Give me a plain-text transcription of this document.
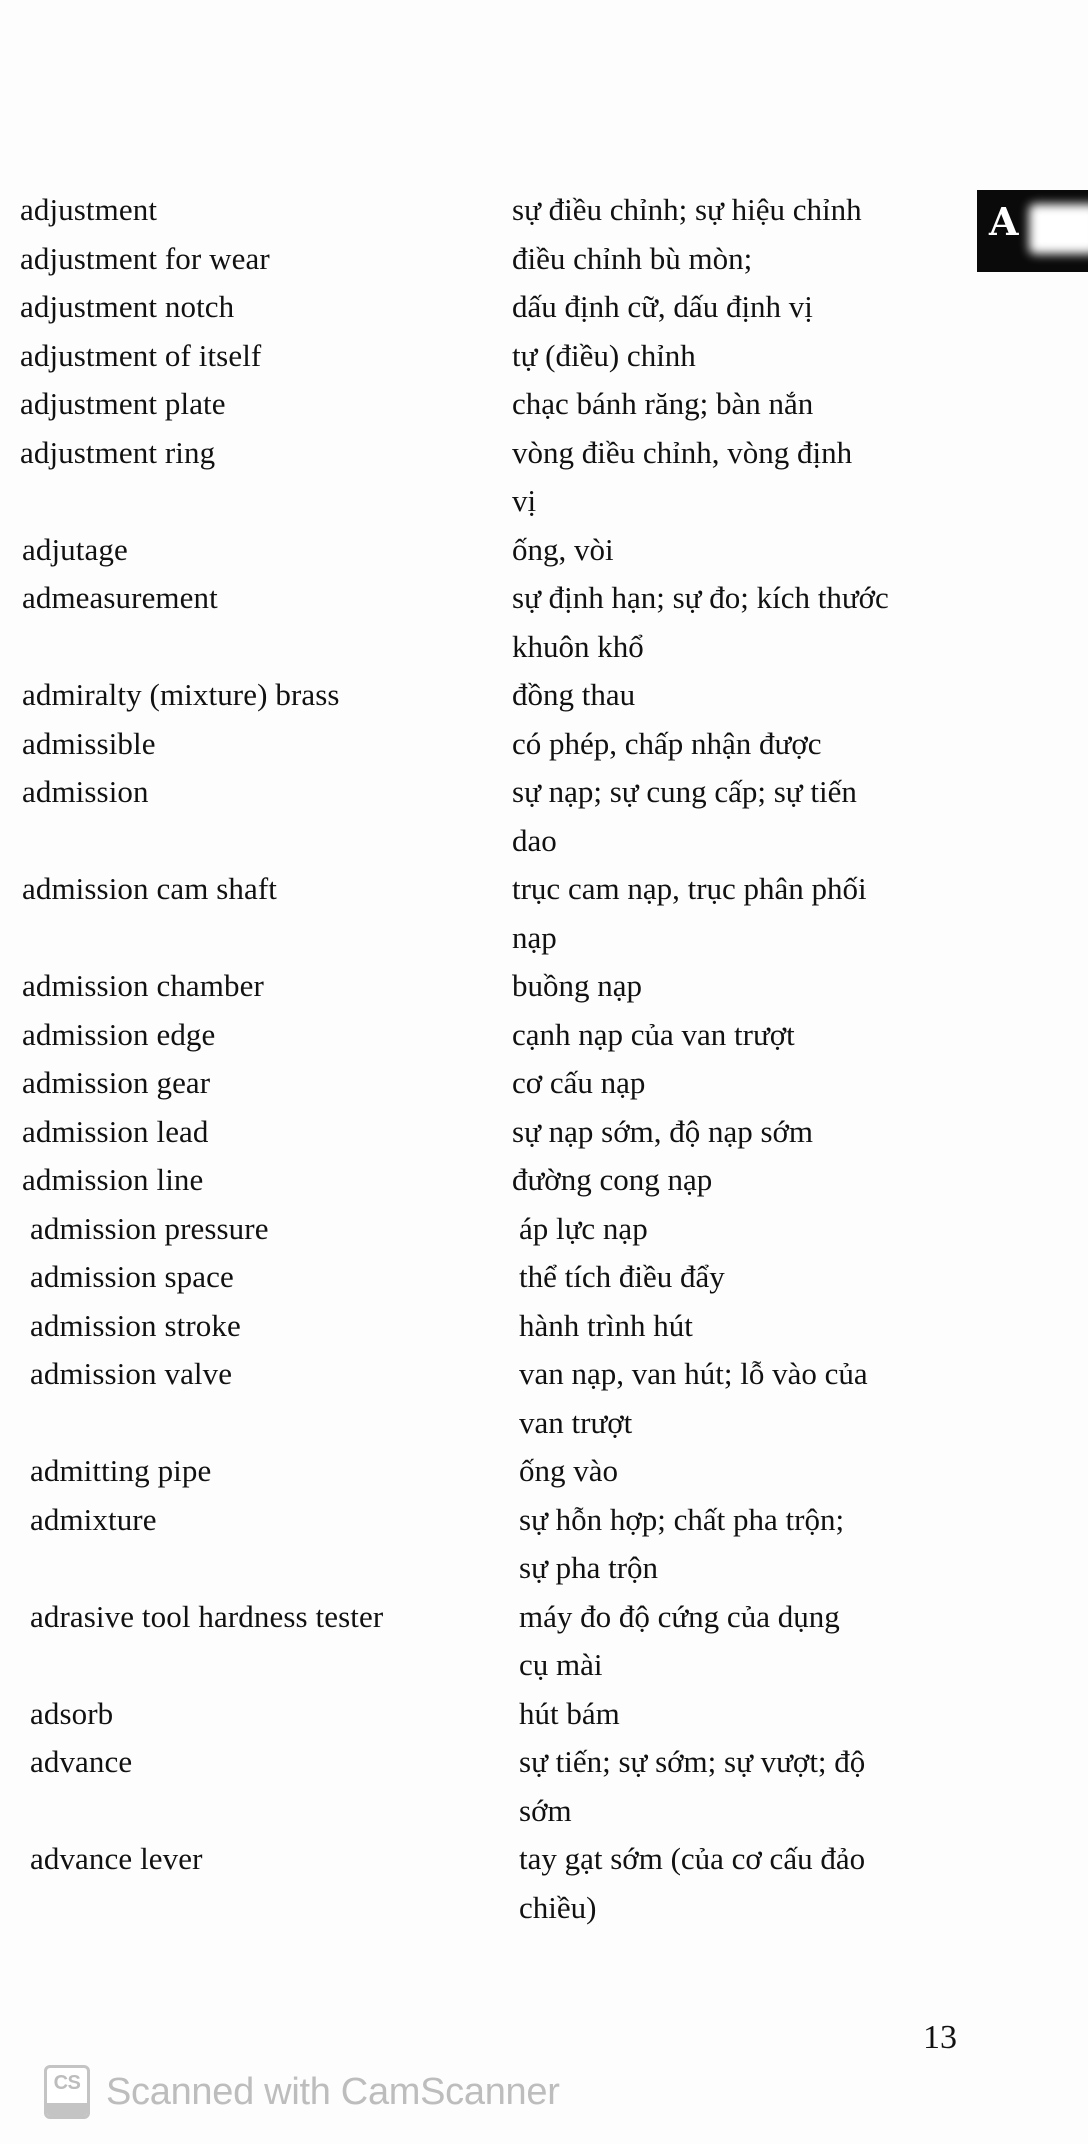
A
adjustment	sự điều chỉnh; sự hiệu chỉnh
adjustment for wear	điều chỉnh bù mòn;
adjustment notch	dấu định cữ, dấu định vị
adjustment of itself	tự (điều) chỉnh
adjustment plate	chạc bánh răng; bàn nắn
adjustment ring	vòng điều chỉnh, vòng định
vị
adjutage	ống, vòi
admeasurement	sự định hạn; sự đo; kích thước
khuôn khổ
admiralty (mixture) brass	đồng thau
admissible	có phép, chấp nhận được
admission	sự nạp; sự cung cấp; sự tiến
dao
admission cam shaft	trục cam nạp, trục phân phối
nạp
admission chamber	buồng nạp
admission edge	cạnh nạp của van trượt
admission gear	cơ cấu nạp
admission lead	sự nạp sớm, độ nạp sớm
admission line	đường cong nạp
admission pressure	áp lực nạp
admission space	thể tích điều đẩy
admission stroke	hành trình hút
admission valve	van nạp, van hút; lỗ vào của
van trượt
admitting pipe	ống vào
admixture	sự hỗn hợp; chất pha trộn;
sự pha trộn
adrasive tool hardness tester	máy đo độ cứng của dụng
cụ mài
adsorb	hút bám
advance	sự tiến; sự sớm; sự vượt; độ
sớm
advance lever	tay gạt sớm (của cơ cấu đảo
chiều)
13
CS Scanned with CamScanner
